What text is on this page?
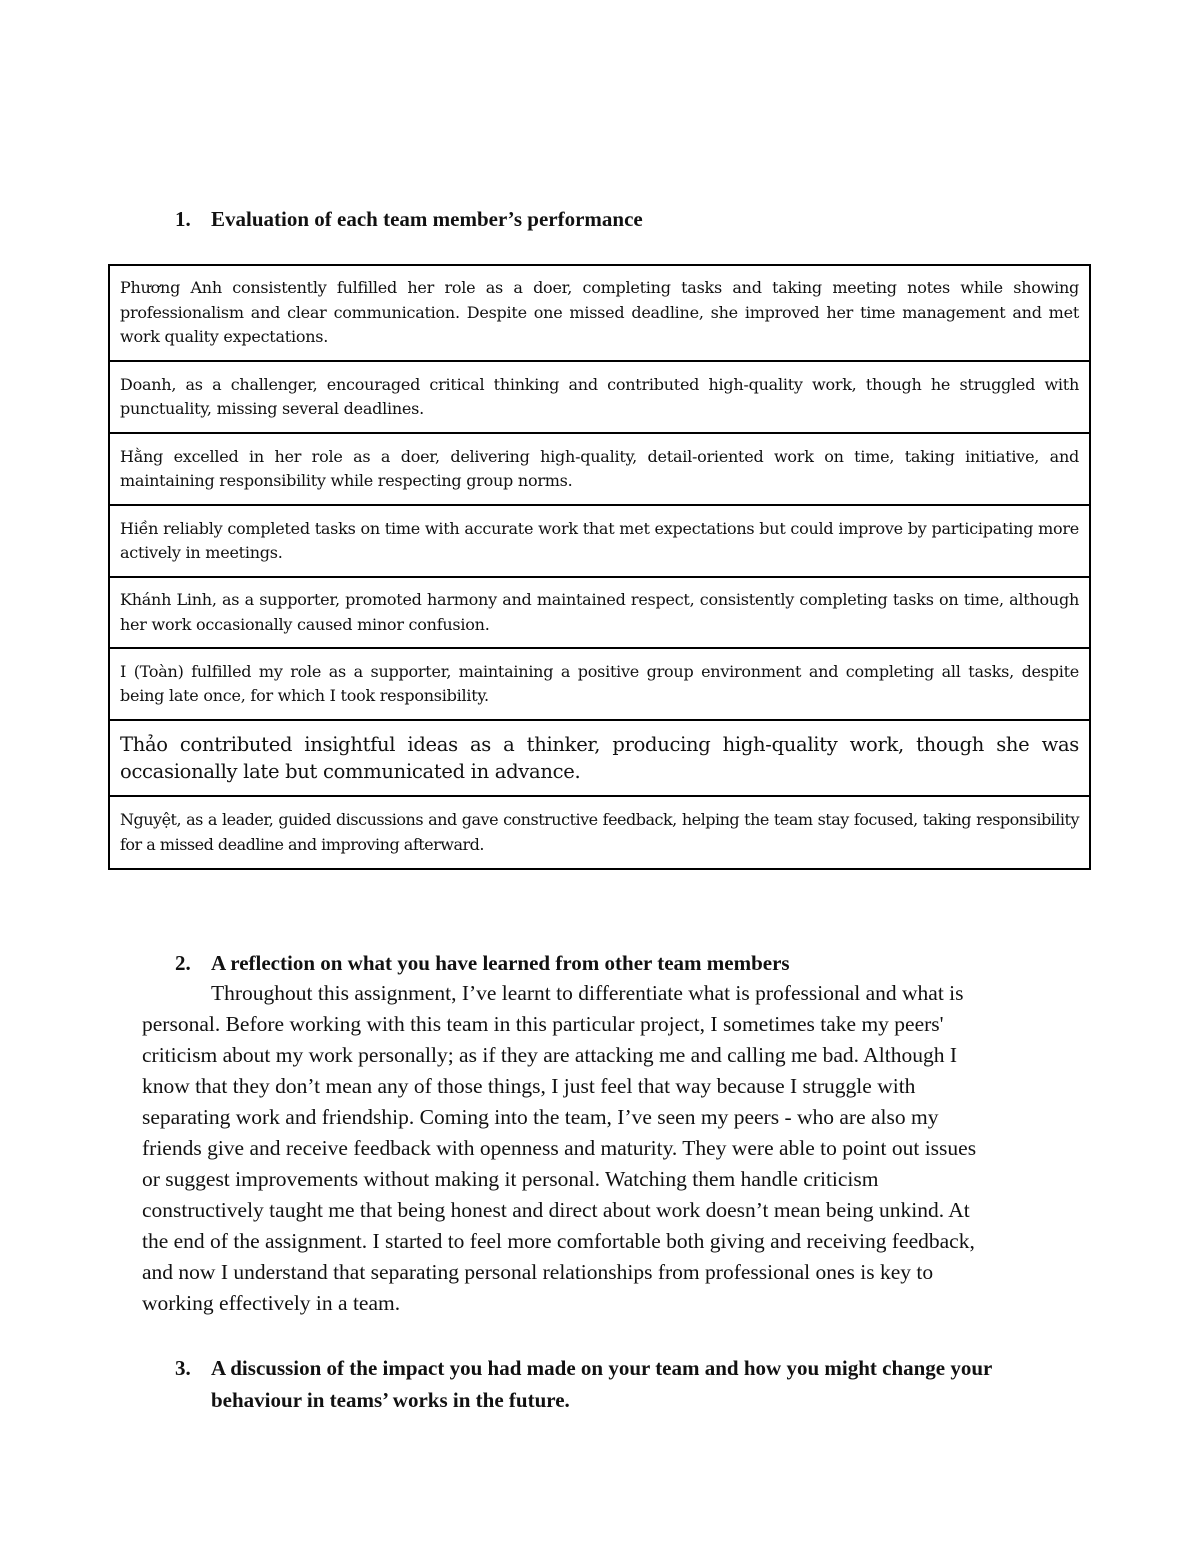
1. Evaluation of each team member’s performance
Phương Anh consistently fulfilled her role as a doer, completing tasks and taking meeting notes while showing professionalism and clear communication. Despite one missed deadline, she improved her time management and met work quality expectations.
Doanh, as a challenger, encouraged critical thinking and contributed high-quality work, though he struggled with punctuality, missing several deadlines.
Hằng excelled in her role as a doer, delivering high-quality, detail-oriented work on time, taking initiative, and maintaining responsibility while respecting group norms.
Hiền reliably completed tasks on time with accurate work that met expectations but could improve by participating more actively in meetings.
Khánh Linh, as a supporter, promoted harmony and maintained respect, consistently completing tasks on time, although her work occasionally caused minor confusion.
I (Toàn) fulfilled my role as a supporter, maintaining a positive group environment and completing all tasks, despite being late once, for which I took responsibility.
Thảo contributed insightful ideas as a thinker, producing high-quality work, though she was occasionally late but communicated in advance.
Nguyệt, as a leader, guided discussions and gave constructive feedback, helping the team stay focused, taking responsibility for a missed deadline and improving afterward.
2. A reflection on what you have learned from other team members
Throughout this assignment, I’ve learnt to differentiate what is professional and what is
personal. Before working with this team in this particular project, I sometimes take my peers'
criticism about my work personally; as if they are attacking me and calling me bad. Although I
know that they don’t mean any of those things, I just feel that way because I struggle with
separating work and friendship. Coming into the team, I’ve seen my peers - who are also my
friends give and receive feedback with openness and maturity. They were able to point out issues
or suggest improvements without making it personal. Watching them handle criticism
constructively taught me that being honest and direct about work doesn’t mean being unkind. At
the end of the assignment. I started to feel more comfortable both giving and receiving feedback,
and now I understand that separating personal relationships from professional ones is key to
working effectively in a team.
3. A discussion of the impact you had made on your team and how you might change your behaviour in teams’ works in the future.
